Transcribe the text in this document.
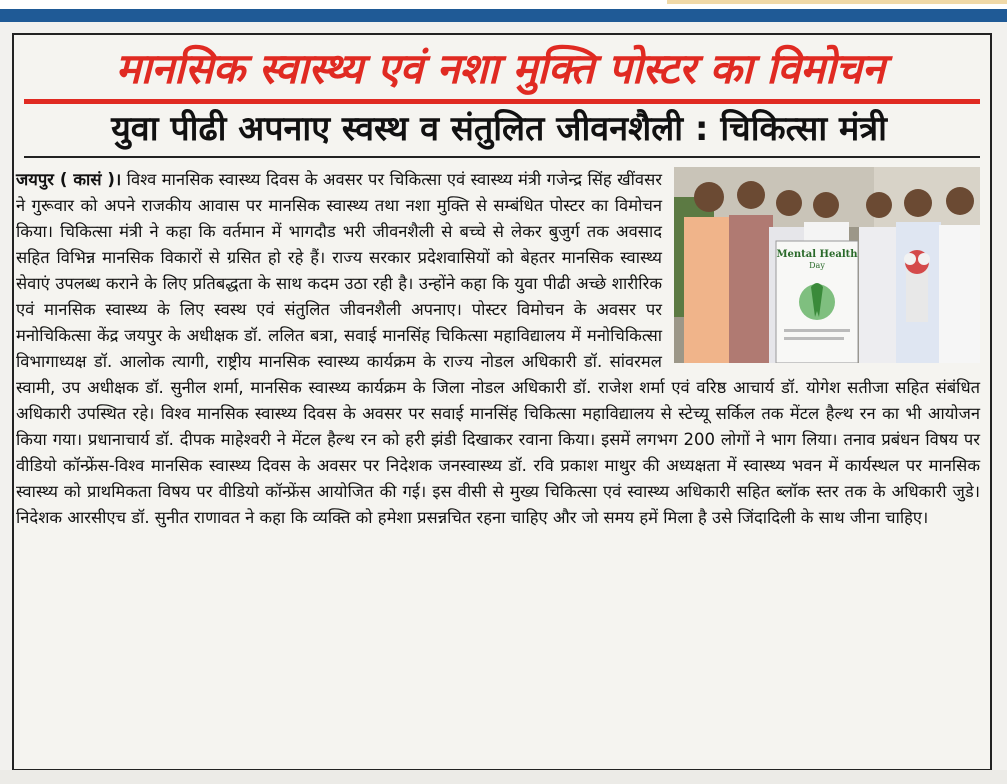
मानसिक स्वास्थ्य एवं नशा मुक्ति पोस्टर का विमोचन
युवा पीढी अपनाए स्वस्थ व संतुलित जीवनशैली : चिकित्सा मंत्री
Mental Health
Day
जयपुर ( कासं )। विश्व मानसिक स्वास्थ्य दिवस के अवसर पर चिकित्सा एवं स्वास्थ्य मंत्री गजेन्द्र सिंह खींवसर ने गुरूवार को अपने राजकीय आवास पर मानसिक स्वास्थ्य तथा नशा मुक्ति से सम्बंधित पोस्टर का विमोचन किया। चिकित्सा मंत्री ने कहा कि वर्तमान में भागदौड भरी जीवनशैली से बच्चे से लेकर बुजुर्ग तक अवसाद सहित विभिन्न मानसिक विकारों से ग्रसित हो रहे हैं। राज्य सरकार प्रदेशवासियों को बेहतर मानसिक स्वास्थ्य सेवाएं उपलब्ध कराने के लिए प्रतिबद्धता के साथ कदम उठा रही है। उन्होंने कहा कि युवा पीढी अच्छे शारीरिक एवं मानसिक स्वास्थ्य के लिए स्वस्थ एवं संतुलित जीवनशैली अपनाए। पोस्टर विमोचन के अवसर पर मनोचिकित्सा केंद्र जयपुर के अधीक्षक डॉ. ललित बत्रा, सवाई मानसिंह चिकित्सा महाविद्यालय में मनोचिकित्सा विभागाध्यक्ष डॉ. आलोक त्यागी, राष्ट्रीय मानसिक स्वास्थ्य कार्यक्रम के राज्य नोडल अधिकारी डॉ. सांवरमल स्वामी, उप अधीक्षक डॉ. सुनील शर्मा, मानसिक स्वास्थ्य कार्यक्रम के जिला नोडल अधिकारी डॉ. राजेश शर्मा एवं वरिष्ठ आचार्य डॉ. योगेश सतीजा सहित संबंधित अधिकारी उपस्थित रहे। विश्व मानसिक स्वास्थ्य दिवस के अवसर पर सवाई मानसिंह चिकित्सा महाविद्यालय से स्टेच्यू सर्किल तक मेंटल हैल्थ रन का भी आयोजन किया गया। प्रधानाचार्य डॉ. दीपक माहेश्वरी ने मेंटल हैल्थ रन को हरी झंडी दिखाकर रवाना किया। इसमें लगभग 200 लोगों ने भाग लिया। तनाव प्रबंधन विषय पर वीडियो कॉन्फ्रेंस-विश्व मानसिक स्वास्थ्य दिवस के अवसर पर निदेशक जनस्वास्थ्य डॉ. रवि प्रकाश माथुर की अध्यक्षता में स्वास्थ्य भवन में कार्यस्थल पर मानसिक स्वास्थ्य को प्राथमिकता विषय पर वीडियो कॉन्फ्रेंस आयोजित की गई। इस वीसी से मुख्य चिकित्सा एवं स्वास्थ्य अधिकारी सहित ब्लॉक स्तर तक के अधिकारी जुडे। निदेशक आरसीएच डॉ. सुनीत राणावत ने कहा कि व्यक्ति को हमेशा प्रसन्नचित रहना चाहिए और जो समय हमें मिला है उसे जिंदादिली के साथ जीना चाहिए।
